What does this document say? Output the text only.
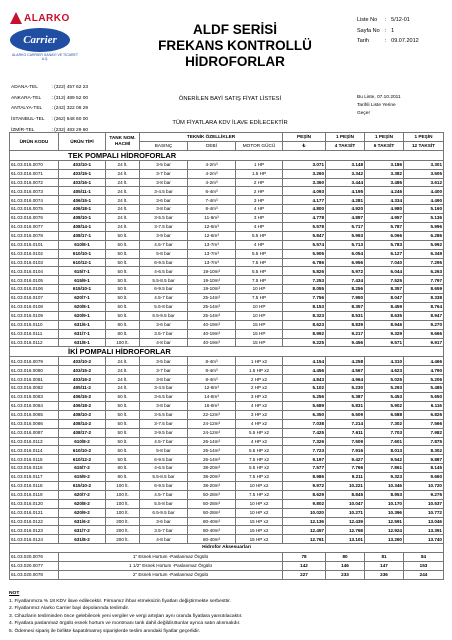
ALARKO
Carrier
ALARKO CARRIER SANAYİ VE TİCARET A.Ş.
ALDF SERİSİ
FREKANS KONTROLLÜ HİDROFORLAR
Liste No	:	5/12-01
Sayfa No	:	1
Tarih	:	09.07.2012
ADANA-TEL	: (322) 457 62 23
ANKARA-TEL	: (312) 489 52 00
ANTALYA-TEL	: (242) 322 06 29
İSTANBUL-TEL	: (262) 648 60 00
İZMİR-TEL	: (232) 483 29 60
ÖNERİLEN BAYİ SATIŞ FİYAT LİSTESİ
TÜM FİYATLARA KDV İLAVE EDİLECEKTİR
Bu Liste, 07.10.2011
Tarihli Liste Yerine
Geçer
ÜRÜN KODU	ÜRÜN TİPİ	TANK NOM. HACMİ	TEKNİK ÖZELLİKLER			PEŞİN	1 PEŞİN	1 PEŞİN	1 PEŞİN
			BASINÇ	DEBİ	MOTOR GÜCÜ	₺	4 TAKSİT	6 TAKSİT	12 TAKSİT
TEK POMPALI HİDROFORLAR									
61.03.016.0070	403/10-1	24 lt.	3-5 bar	4-2m³	1 HP	3.071	3.148	3.186	3.301
61.03.016.0071	403/15-1	24 lt.	3-7 bar	4-2m³	1.5 HP	3.260	3.342	3.382	3.505
61.03.016.0072	403/16-1	24 lt.	3-8 bar	4-2m³	2 HP	3.360	3.444	3.486	3.612
61.03.016.0073	405/11-1	24 lt.	3-4.5 bar	6-4m³	2 HP	4.093	4.195	4.246	4.400
61.03.016.0074	406/15-1	24 lt.	3-6 bar	7-4m³	3 HP	4.177	4.281	4.334	4.490
61.03.016.0075	406/18-1	24 lt.	3-8 bar	8-4m³	4 HP	4.800	4.920	4.980	5.160
61.03.016.0076	408/10-1	24 lt.	3-5.5 bar	11-6m³	3 HP	4.778	4.897	4.957	5.136
61.03.016.0077	408/14-1	24 lt.	3-7.5 bar	12-6m³	4 HP	5.578	5.717	5.787	5.996
61.03.016.0078	408/17-1	50 lt.	3-9 bar	12-6m³	5.5 HP	5.847	5.993	6.066	6.286
61.03.016.0101	610/8-1	50 lt.	4.5-7 bar	13-7m³	4 HP	5.574	5.713	5.783	5.992
61.03.016.0102	610/10-1	50 lt.	5-8 bar	13-7m³	5.5 HP	5.906	6.054	6.127	6.349
61.03.016.0103	610/12-1	50 lt.	6-9.5 bar	13-7m³	7.5 HP	6.786	6.956	7.040	7.295
61.03.016.0104	615/7-1	50 lt.	4-6.5 bar	19-10m³	5.5 HP	5.826	5.972	6.044	6.263
61.03.016.0105	615/9-1	50 lt.	5.5-8.5 bar	19-10m³	7.5 HP	7.253	7.434	7.525	7.797
61.03.016.0106	615/10-1	50 lt.	6-9.5 bar	19-10m³	10 HP	8.055	8.256	8.357	8.659
61.03.016.0107	620/7-1	50 lt.	4.5-7 bar	25-14m³	7.5 HP	7.756	7.950	8.047	8.338
61.03.016.0108	620/8-1	50 lt.	5.5-8 bar	25-14m³	10 HP	8.153	8.357	8.459	8.764
61.03.016.0109	620/9-1	50 lt.	6.5-9.5 bar	25-14m³	10 HP	8.323	8.531	8.635	8.947
61.03.016.0110	631/6-1	80 lt.	3-6 bar	40-19m³	15 HP	8.623	8.839	8.946	9.270
61.03.016.0111	631/7-1	80 lt.	3.5-7 bar	40-19m³	15 HP	8.992	9.217	9.329	9.666
61.03.016.0112	631/8-1	100 lt.	4-8 bar	40-19m³	15 HP	9.225	9.456	9.571	9.917
İKİ POMPALI HİDROFORLAR									
61.03.016.0079	403/10-2	24 lt.	3-5 bar	8-4m³	1 HP x2	4.154	4.258	4.310	4.466
61.03.016.0080	403/15-2	24 lt.	3-7 bar	8-4m³	1.5 HP x2	4.456	4.567	4.623	4.790
61.03.016.0081	403/16-2	24 lt.	3-8 bar	8-4m³	2 HP x2	4.843	4.964	5.025	5.206
61.03.016.0082	405/11-2	24 lt.	3-4.5 bar	12-8m³	2 HP x2	5.102	5.230	5.293	5.485
61.03.016.0083	406/15-2	50 lt.	3-6.5 bar	14-8m³	3 HP x2	5.256	5.387	5.453	5.650
61.03.016.0084	406/18-2	50 lt.	3-8 bar	16-8m³	4 HP x2	5.689	5.831	5.902	6.116
61.03.016.0085	408/10-2	50 lt.	3-5.5 bar	22-12m³	3 HP x2	6.350	6.509	6.588	6.826
61.03.016.0086	408/14-2	50 lt.	3-7.5 bar	24-12m³	4 HP x2	7.038	7.214	7.302	7.566
61.03.016.0087	408/17-2	50 lt.	3-9.5 bar	24-12m³	5.5 HP x2	7.425	7.611	7.703	7.982
61.03.016.0113	610/8-2	50 lt.	4.5-7 bar	26-14m³	4 HP x2	7.326	7.509	7.601	7.875
61.03.016.0114	610/10-2	50 lt.	5-8 bar	26-14m³	5.5 HP x2	7.723	7.916	8.013	8.302
61.03.016.0115	610/12-2	50 lt.	6-9.5 bar	26-14m³	7.5 HP x2	9.197	9.427	9.542	9.887
61.03.016.0116	615/7-2	80 lt.	4-6.5 bar	38-20m³	5.5 HP x2	7.577	7.766	7.861	8.145
61.03.016.0117	615/9-2	80 lt.	5.5-8.5 bar	38-20m³	7.5 HP x2	8.986	9.211	9.323	9.660
61.03.016.0118	615/10-2	100 lt.	6-9.5 bar	38-20m³	10 HP x2	9.972	10.221	10.346	10.720
61.03.016.0119	620/7-2	100 lt.	4.5-7 bar	50-28m³	7.5 HP x2	8.629	8.845	8.953	9.276
61.03.016.0120	620/8-2	100 lt.	5.5-8 bar	50-28m³	10 HP x2	9.802	10.047	10.170	10.537
61.03.016.0121	620/9-2	100 lt.	6.5-9.5 bar	50-28m³	10 HP x2	10.020	10.271	10.396	10.772
61.03.016.0122	631/6-2	200 lt.	3-6 bar	80-40m³	15 HP x2	12.136	12.439	12.591	13.046
61.03.016.0123	631/7-2	200 lt.	3.5-7 bar	80-40m³	15 HP x2	12.457	12.768	12.924	13.391
61.03.016.0124	631/8-2	200 lt.	4-8 bar	80-40m³	15 HP x2	12.761	13.101	13.260	13.740
Hidrofor Aksesuarları									
61.03.020.0076	1" Esnek Hortum -Paslanmaz Örgülü					78	80	81	84
61.03.020.0077	1 1/2" Esnek Hortum -Paslanmaz Örgülü					142	146	147	153
61.03.020.0078	2" Esnek Hortum -Paslanmaz Örgülü					227	233	236	244
NOT
1. Fiyatlarımıza % 18 KDV ilave edilecektir. Firmamız ihbar etmeksizin fiyatları değiştirmekte serbesttir.
2. Fiyatlarımız Alarko Carrier bayi depolarında teslimdir.
3. Cihazların tesliminden önce gelebilecek yeni vergiler ve vergi artışları aynı oranda fiyatlara yansıtılacaktır.
4. Fiyatlara paslanmaz örgülü esnek hortum ve montmanı tank dahil değildir.Bunlar ayrıca satın alınmalıdır.
5. Ödemesi sipariş ile birlikte kapatılmamış siparişlerde teslim anındaki fiyatlar geçerlidir.
